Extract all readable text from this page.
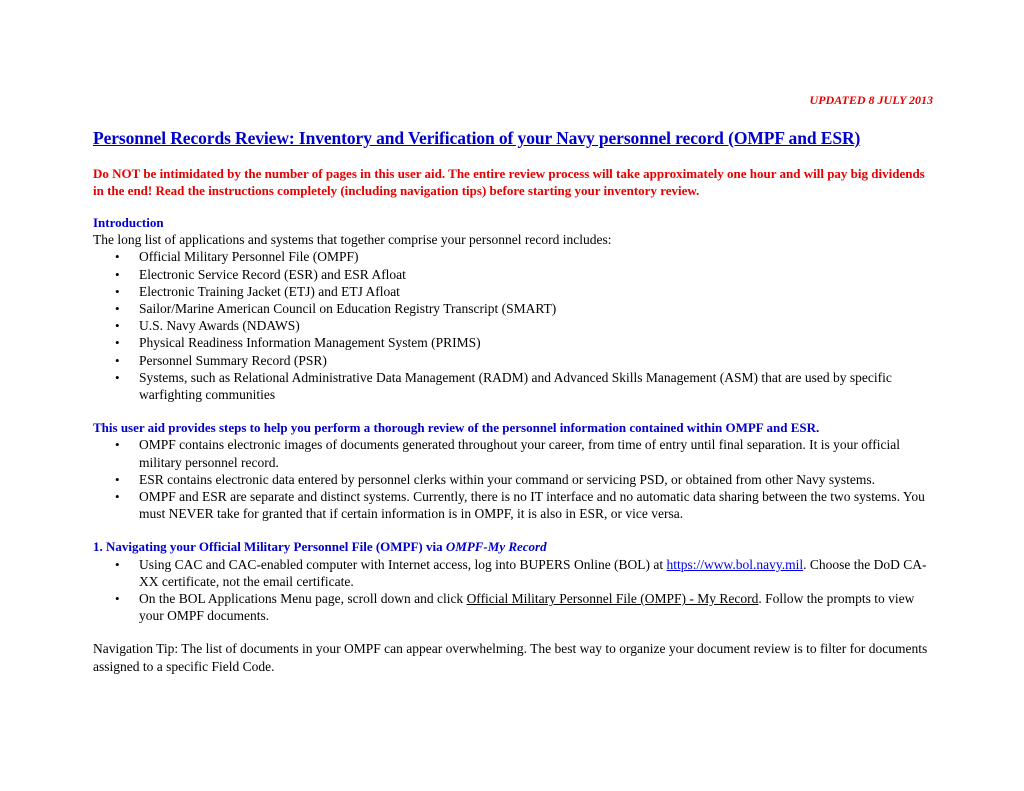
UPDATED 8 JULY 2013
Personnel Records Review: Inventory and Verification of your Navy personnel record (OMPF and ESR)
Do NOT be intimidated by the number of pages in this user aid. The entire review process will take approximately one hour and will pay big dividends in the end! Read the instructions completely (including navigation tips) before starting your inventory review.
Introduction

The long list of applications and systems that together comprise your personnel record includes:

• Official Military Personnel File (OMPF)
• Electronic Service Record (ESR) and ESR Afloat
• Electronic Training Jacket (ETJ) and ETJ Afloat
• Sailor/Marine American Council on Education Registry Transcript (SMART)
• U.S. Navy Awards (NDAWS)
• Physical Readiness Information Management System (PRIMS)
• Personnel Summary Record (PSR)
• Systems, such as Relational Administrative Data Management (RADM) and Advanced Skills Management (ASM) that are used by specific warfighting communities
This user aid provides steps to help you perform a thorough review of the personnel information contained within OMPF and ESR.
• OMPF contains electronic images of documents generated throughout your career, from time of entry until final separation. It is your official military personnel record.
• ESR contains electronic data entered by personnel clerks within your command or servicing PSD, or obtained from other Navy systems.
• OMPF and ESR are separate and distinct systems. Currently, there is no IT interface and no automatic data sharing between the two systems. You must NEVER take for granted that if certain information is in OMPF, it is also in ESR, or vice versa.
1. Navigating your Official Military Personnel File (OMPF) via OMPF-My Record
• Using CAC and CAC-enabled computer with Internet access, log into BUPERS Online (BOL) at https://www.bol.navy.mil. Choose the DoD CA-XX certificate, not the email certificate.
• On the BOL Applications Menu page, scroll down and click Official Military Personnel File (OMPF) - My Record. Follow the prompts to view your OMPF documents.

Navigation Tip: The list of documents in your OMPF can appear overwhelming. The best way to organize your document review is to filter for documents assigned to a specific Field Code.
